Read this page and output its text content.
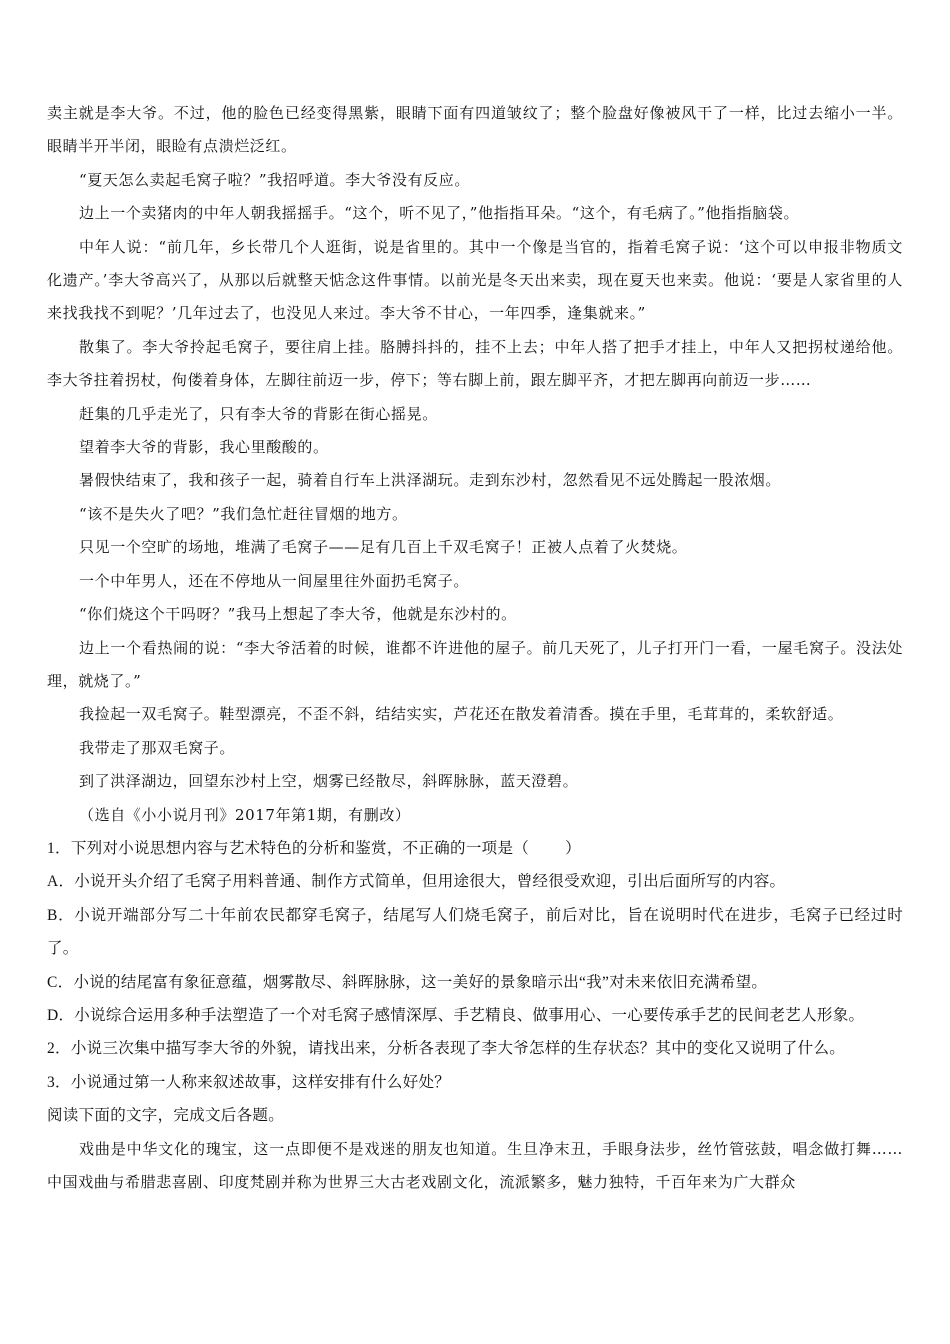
卖主就是李大爷。不过，他的脸色已经变得黑紫，眼睛下面有四道皱纹了；整个脸盘好像被风干了一样，比过去缩小一半。眼睛半开半闭，眼睑有点溃烂泛红。

“夏天怎么卖起毛窝子啦？”我招呼道。李大爷没有反应。

边上一个卖猪肉的中年人朝我摇摇手。“这个，听不见了，”他指指耳朵。“这个，有毛病了。”他指指脑袋。

中年人说：“前几年，乡长带几个人逛街，说是省里的。其中一个像是当官的，指着毛窝子说：‘这个可以申报非物质文化遗产。’李大爷高兴了，从那以后就整天惦念这件事情。以前光是冬天出来卖，现在夏天也来卖。他说：‘要是人家省里的人来找我找不到呢？’几年过去了，也没见人来过。李大爷不甘心，一年四季，逢集就来。”

散集了。李大爷拎起毛窝子，要往肩上挂。胳膊抖抖的，挂不上去；中年人搭了把手才挂上，中年人又把拐杖递给他。李大爷拄着拐杖，佝偻着身体，左脚往前迈一步，停下；等右脚上前，跟左脚平齐，才把左脚再向前迈一步……

赶集的几乎走光了，只有李大爷的背影在街心摇晃。

望着李大爷的背影，我心里酸酸的。

暑假快结束了，我和孩子一起，骑着自行车上洪泽湖玩。走到东沙村，忽然看见不远处腾起一股浓烟。

“该不是失火了吧？”我们急忙赶往冒烟的地方。

只见一个空旷的场地，堆满了毛窝子——足有几百上千双毛窝子！正被人点着了火焚烧。

一个中年男人，还在不停地从一间屋里往外面扔毛窝子。

“你们烧这个干吗呀？”我马上想起了李大爷，他就是东沙村的。

边上一个看热闹的说：“李大爷活着的时候，谁都不许进他的屋子。前几天死了，儿子打开门一看，一屋毛窝子。没法处理，就烧了。”

我捡起一双毛窝子。鞋型漂亮，不歪不斜，结结实实，芦花还在散发着清香。摸在手里，毛茸茸的，柔软舒适。

我带走了那双毛窝子。

到了洪泽湖边，回望东沙村上空，烟雾已经散尽，斜晖脉脉，蓝天澄碧。

（选自《小小说月刊》2017年第1期，有删改）

1．下列对小说思想内容与艺术特色的分析和鉴赏，不正确的一项是（ ）

A．小说开头介绍了毛窝子用料普通、制作方式简单，但用途很大，曾经很受欢迎，引出后面所写的内容。

B．小说开端部分写二十年前农民都穿毛窝子，结尾写人们烧毛窝子，前后对比，旨在说明时代在进步，毛窝子已经过时了。

C．小说的结尾富有象征意蕴，烟雾散尽、斜晖脉脉，这一美好的景象暗示出“我”对未来依旧充满希望。

D．小说综合运用多种手法塑造了一个对毛窝子感情深厚、手艺精良、做事用心、一心要传承手艺的民间老艺人形象。

2．小说三次集中描写李大爷的外貌，请找出来，分析各表现了李大爷怎样的生存状态？其中的变化又说明了什么。

3．小说通过第一人称来叙述故事，这样安排有什么好处？

阅读下面的文字，完成文后各题。

戏曲是中华文化的瑰宝，这一点即便不是戏迷的朋友也知道。生旦净末丑，手眼身法步，丝竹管弦鼓，唱念做打舞……中国戏曲与希腊悲喜剧、印度梵剧并称为世界三大古老戏剧文化，流派繁多，魅力独特，千百年来为广大群众
